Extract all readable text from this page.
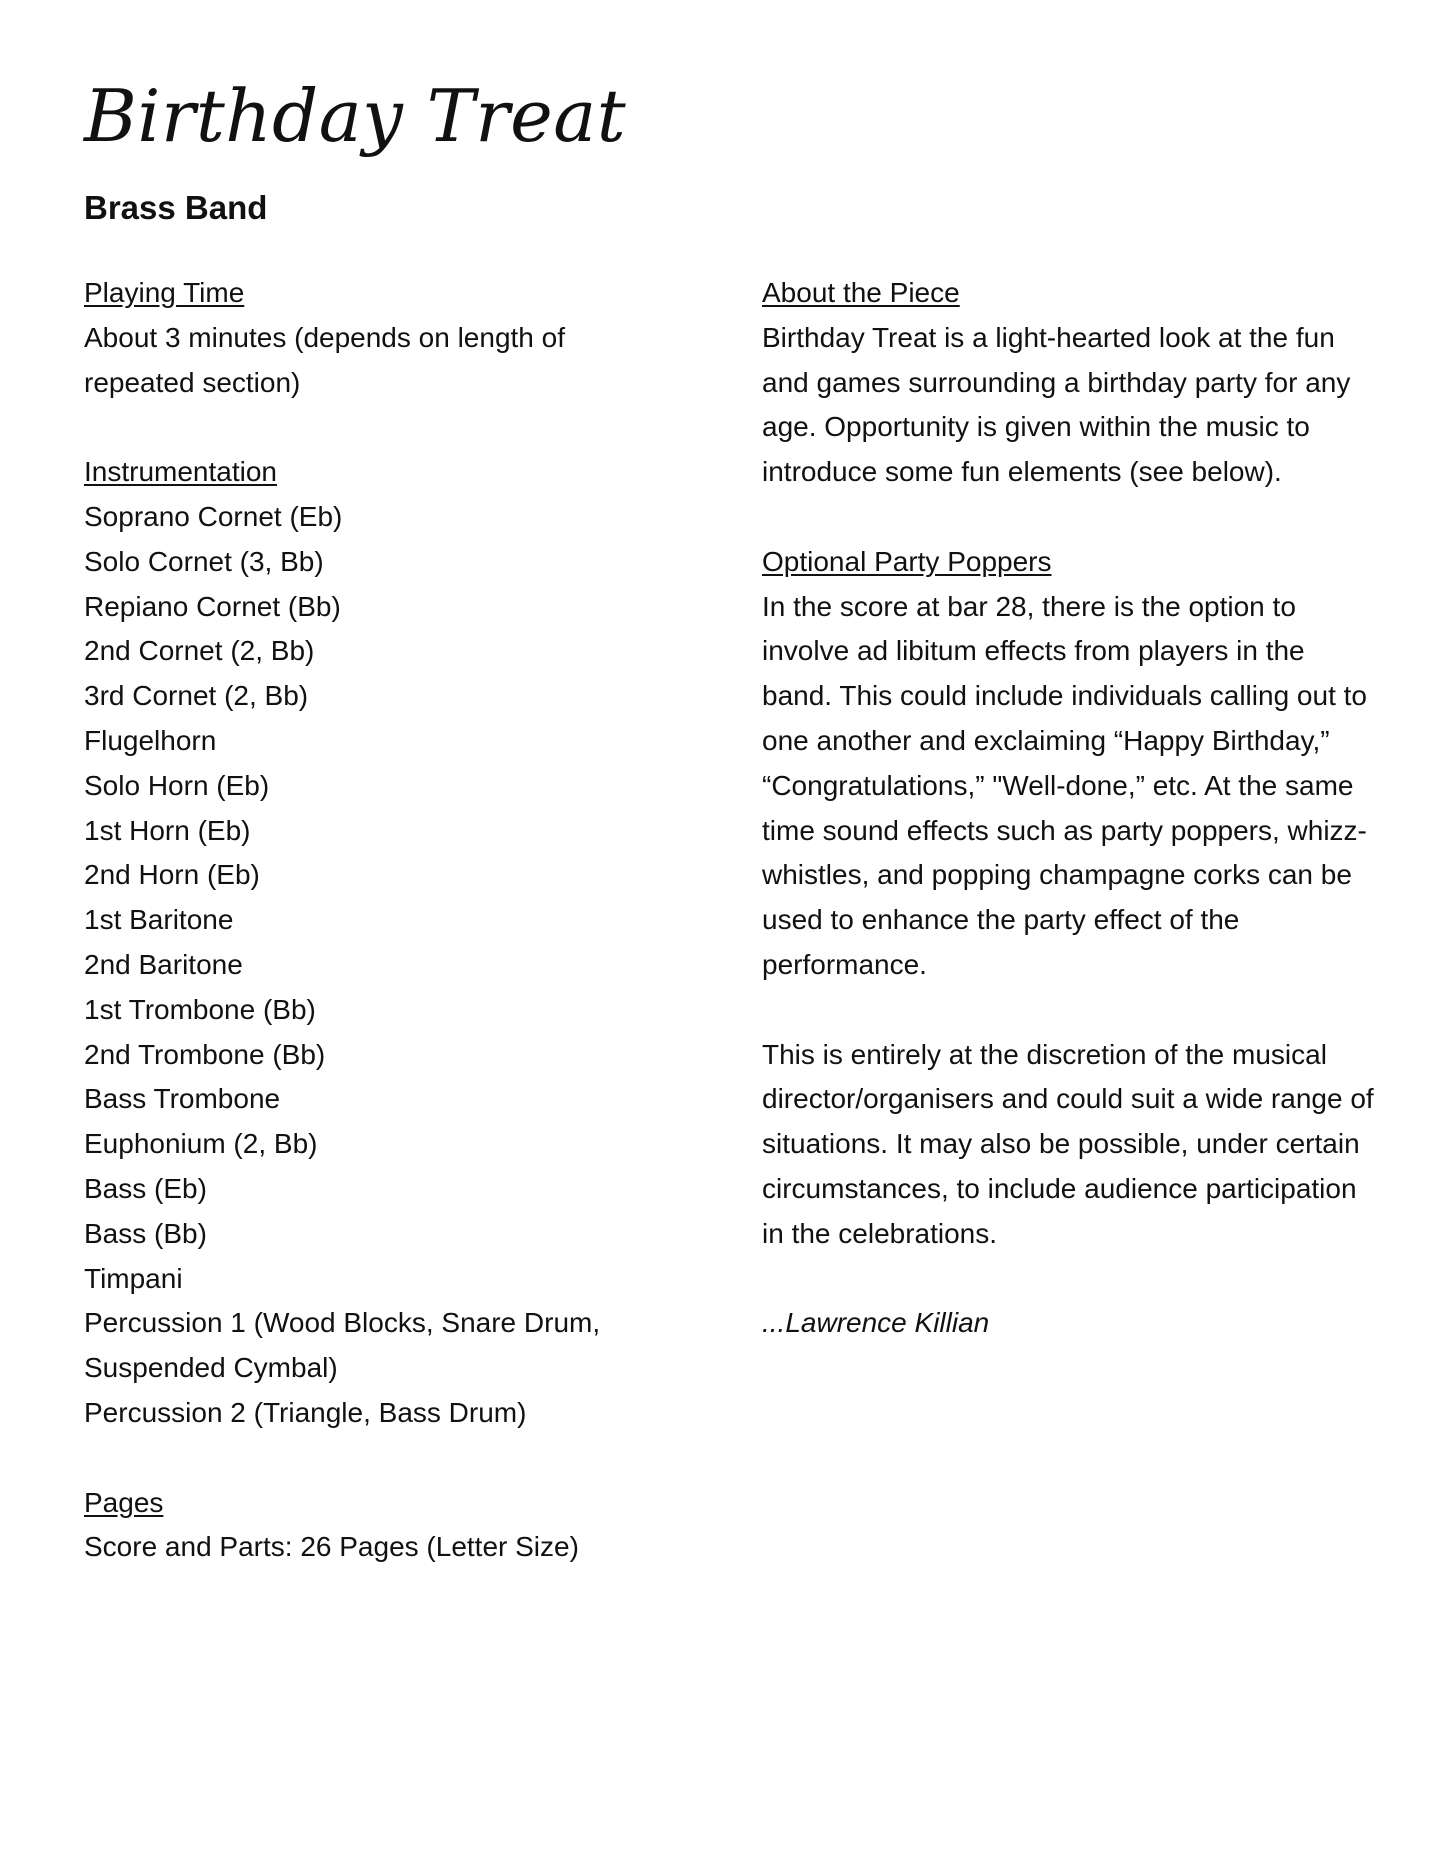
Birthday Treat
Brass Band
Playing Time

About 3 minutes (depends on length of repeated section)

Instrumentation
Soprano Cornet (Eb)
Solo Cornet (3, Bb)
Repiano Cornet (Bb)
2nd Cornet (2, Bb)
3rd Cornet (2, Bb)
Flugelhorn
Solo Horn (Eb)
1st Horn (Eb)
2nd Horn (Eb)
1st Baritone
2nd Baritone
1st Trombone (Bb)
2nd Trombone (Bb)
Bass Trombone
Euphonium (2, Bb)
Bass (Eb)
Bass (Bb)
Timpani
Percussion 1 (Wood Blocks, Snare Drum, Suspended Cymbal)
Percussion 2 (Triangle, Bass Drum)
Pages

Score and Parts: 26 Pages (Letter Size)

About the Piece

Birthday Treat is a light-hearted look at the fun and games surrounding a birthday party for any age. Opportunity is given within the music to introduce some fun elements (see below).

Optional Party Poppers

In the score at bar 28, there is the option to involve ad libitum effects from players in the band. This could include individuals calling out to one another and exclaiming “Happy Birthday,” “Congratulations,” "Well-done,” etc. At the same time sound effects such as party poppers, whizz-whistles, and popping champagne corks can be used to enhance the party effect of the performance.

This is entirely at the discretion of the musical director/organisers and could suit a wide range of situations. It may also be possible, under certain circumstances, to include audience participation in the celebrations.

...Lawrence Killian
